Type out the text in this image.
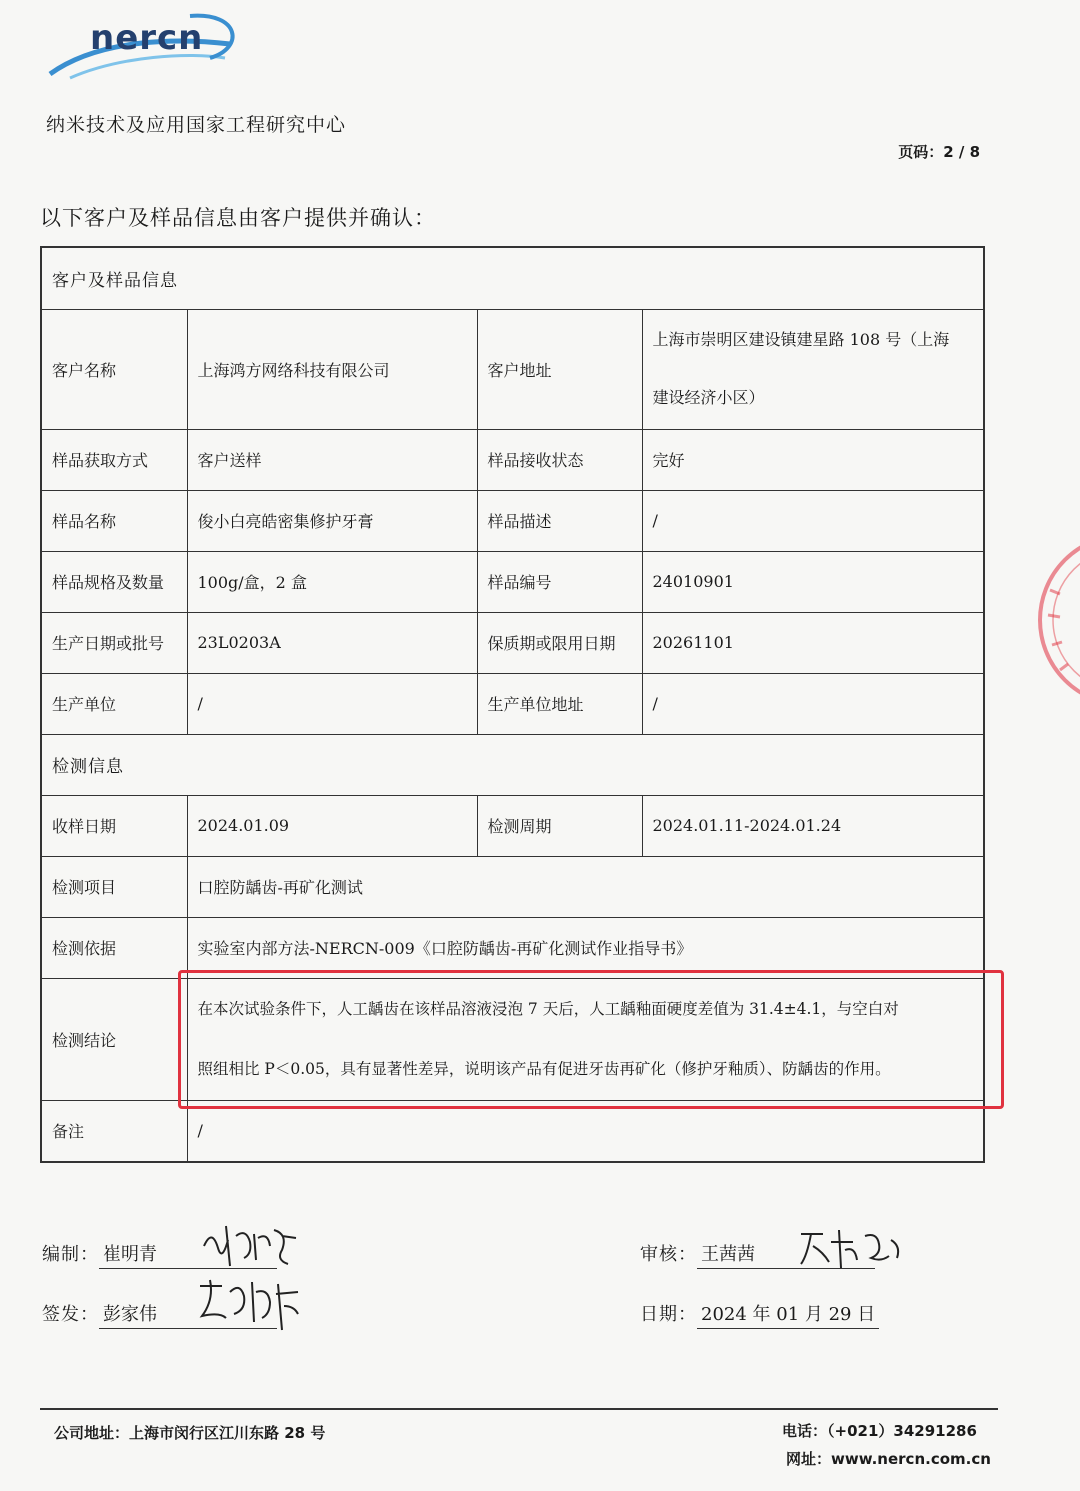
nercn
纳米技术及应用国家工程研究中心
页码：2 / 8
以下客户及样品信息由客户提供并确认：
客户及样品信息			
客户名称	上海鸿方网络科技有限公司	客户地址	上海市崇明区建设镇建星路 108 号（上海
建设经济小区）

样品获取方式	客户送样	样品接收状态	完好
样品名称	俊小白亮皓密集修护牙膏	样品描述	/
样品规格及数量	100g/盒，2 盒	样品编号	24010901
生产日期或批号	23L0203A	保质期或限用日期	20261101
生产单位	/	生产单位地址	/
检测信息			
收样日期	2024.01.09	检测周期	2024.01.11-2024.01.24
检测项目	口腔防龋齿-再矿化测试		
检测依据	实验室内部方法-NERCN-009《口腔防龋齿-再矿化测试作业指导书》		
检测结论	在本次试验条件下，人工龋齿在该样品溶液浸泡 7 天后，人工龋釉面硬度差值为 31.4±4.1，与空白对
照组相比 P＜0.05，具有显著性差异，说明该产品有促进牙齿再矿化（修护牙釉质）、防龋齿的作用。		

备注	/		
编制： 崔明青	审核： 王茜茜
签发： 彭家伟	日期： 2024 年 01 月 29 日
公司地址：上海市闵行区江川东路 28 号	电话：（+021）34291286
网址：www.nercn.com.cn
